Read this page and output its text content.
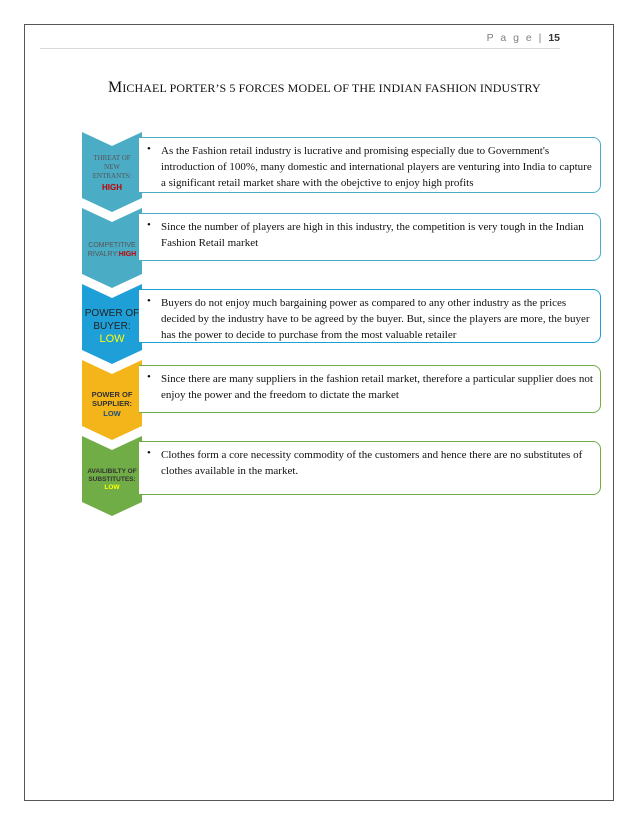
P a g e | 15
MICHAEL PORTER’S 5 FORCES MODEL OF THE INDIAN FASHION INDUSTRY
THREAT OF
NEW
ENTRANTS:
HIGH
• As the Fashion retail industry is lucrative and promising especially due to Government's introduction of 100%, many domestic and international players are venturing into India to capture a significant retail market share with the obejctive to enjoy high profits
COMPETITIVE
RIVALRY:HIGH
• Since the number of players are high in this industry, the competition is very tough in the Indian Fashion Retail market
POWER OF
BUYER:
LOW
• Buyers do not enjoy much bargaining power as compared to any other industry as the prices decided by the industry have to be agreed by the buyer. But, since the players are more, the buyer has the power to decide to purchase from the most valuable retailer
POWER OF
SUPPLIER:
LOW
• Since there are many suppliers in the fashion retail market, therefore a particular supplier does not enjoy the power and the freedom to dictate the market
AVAILIBILTY OF
SUBSTITUTES:
LOW
• Clothes form a core necessity commodity of the customers and hence there are no substitutes of clothes available in the market.
